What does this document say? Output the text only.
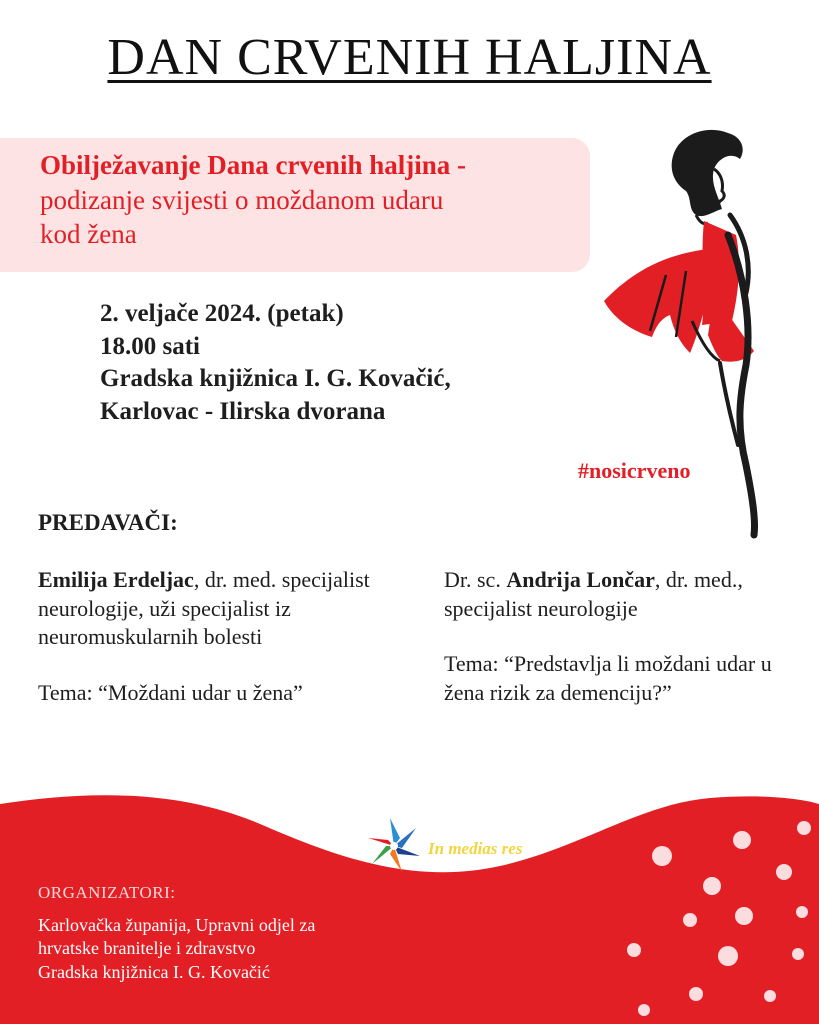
DAN CRVENIH HALJINA
Obilježavanje Dana crvenih haljina -
podizanje svijesti o moždanom udaru
kod žena
2. veljače 2024. (petak)
18.00 sati
Gradska knjižnica I. G. Kovačić,
Karlovac - Ilirska dvorana
#nosicrveno
PREDAVAČI:
Emilija Erdeljac, dr. med. specijalist neurologije, uži specijalist iz neuromuskularnih bolesti
Tema: “Moždani udar u žena”
Dr. sc. Andrija Lončar, dr. med., specijalist neurologije
Tema: “Predstavlja li moždani udar u žena rizik za demenciju?”
In medias res
ORGANIZATORI:
Karlovačka županija, Upravni odjel za
hrvatske branitelje i zdravstvo
Gradska knjižnica I. G. Kovačić
